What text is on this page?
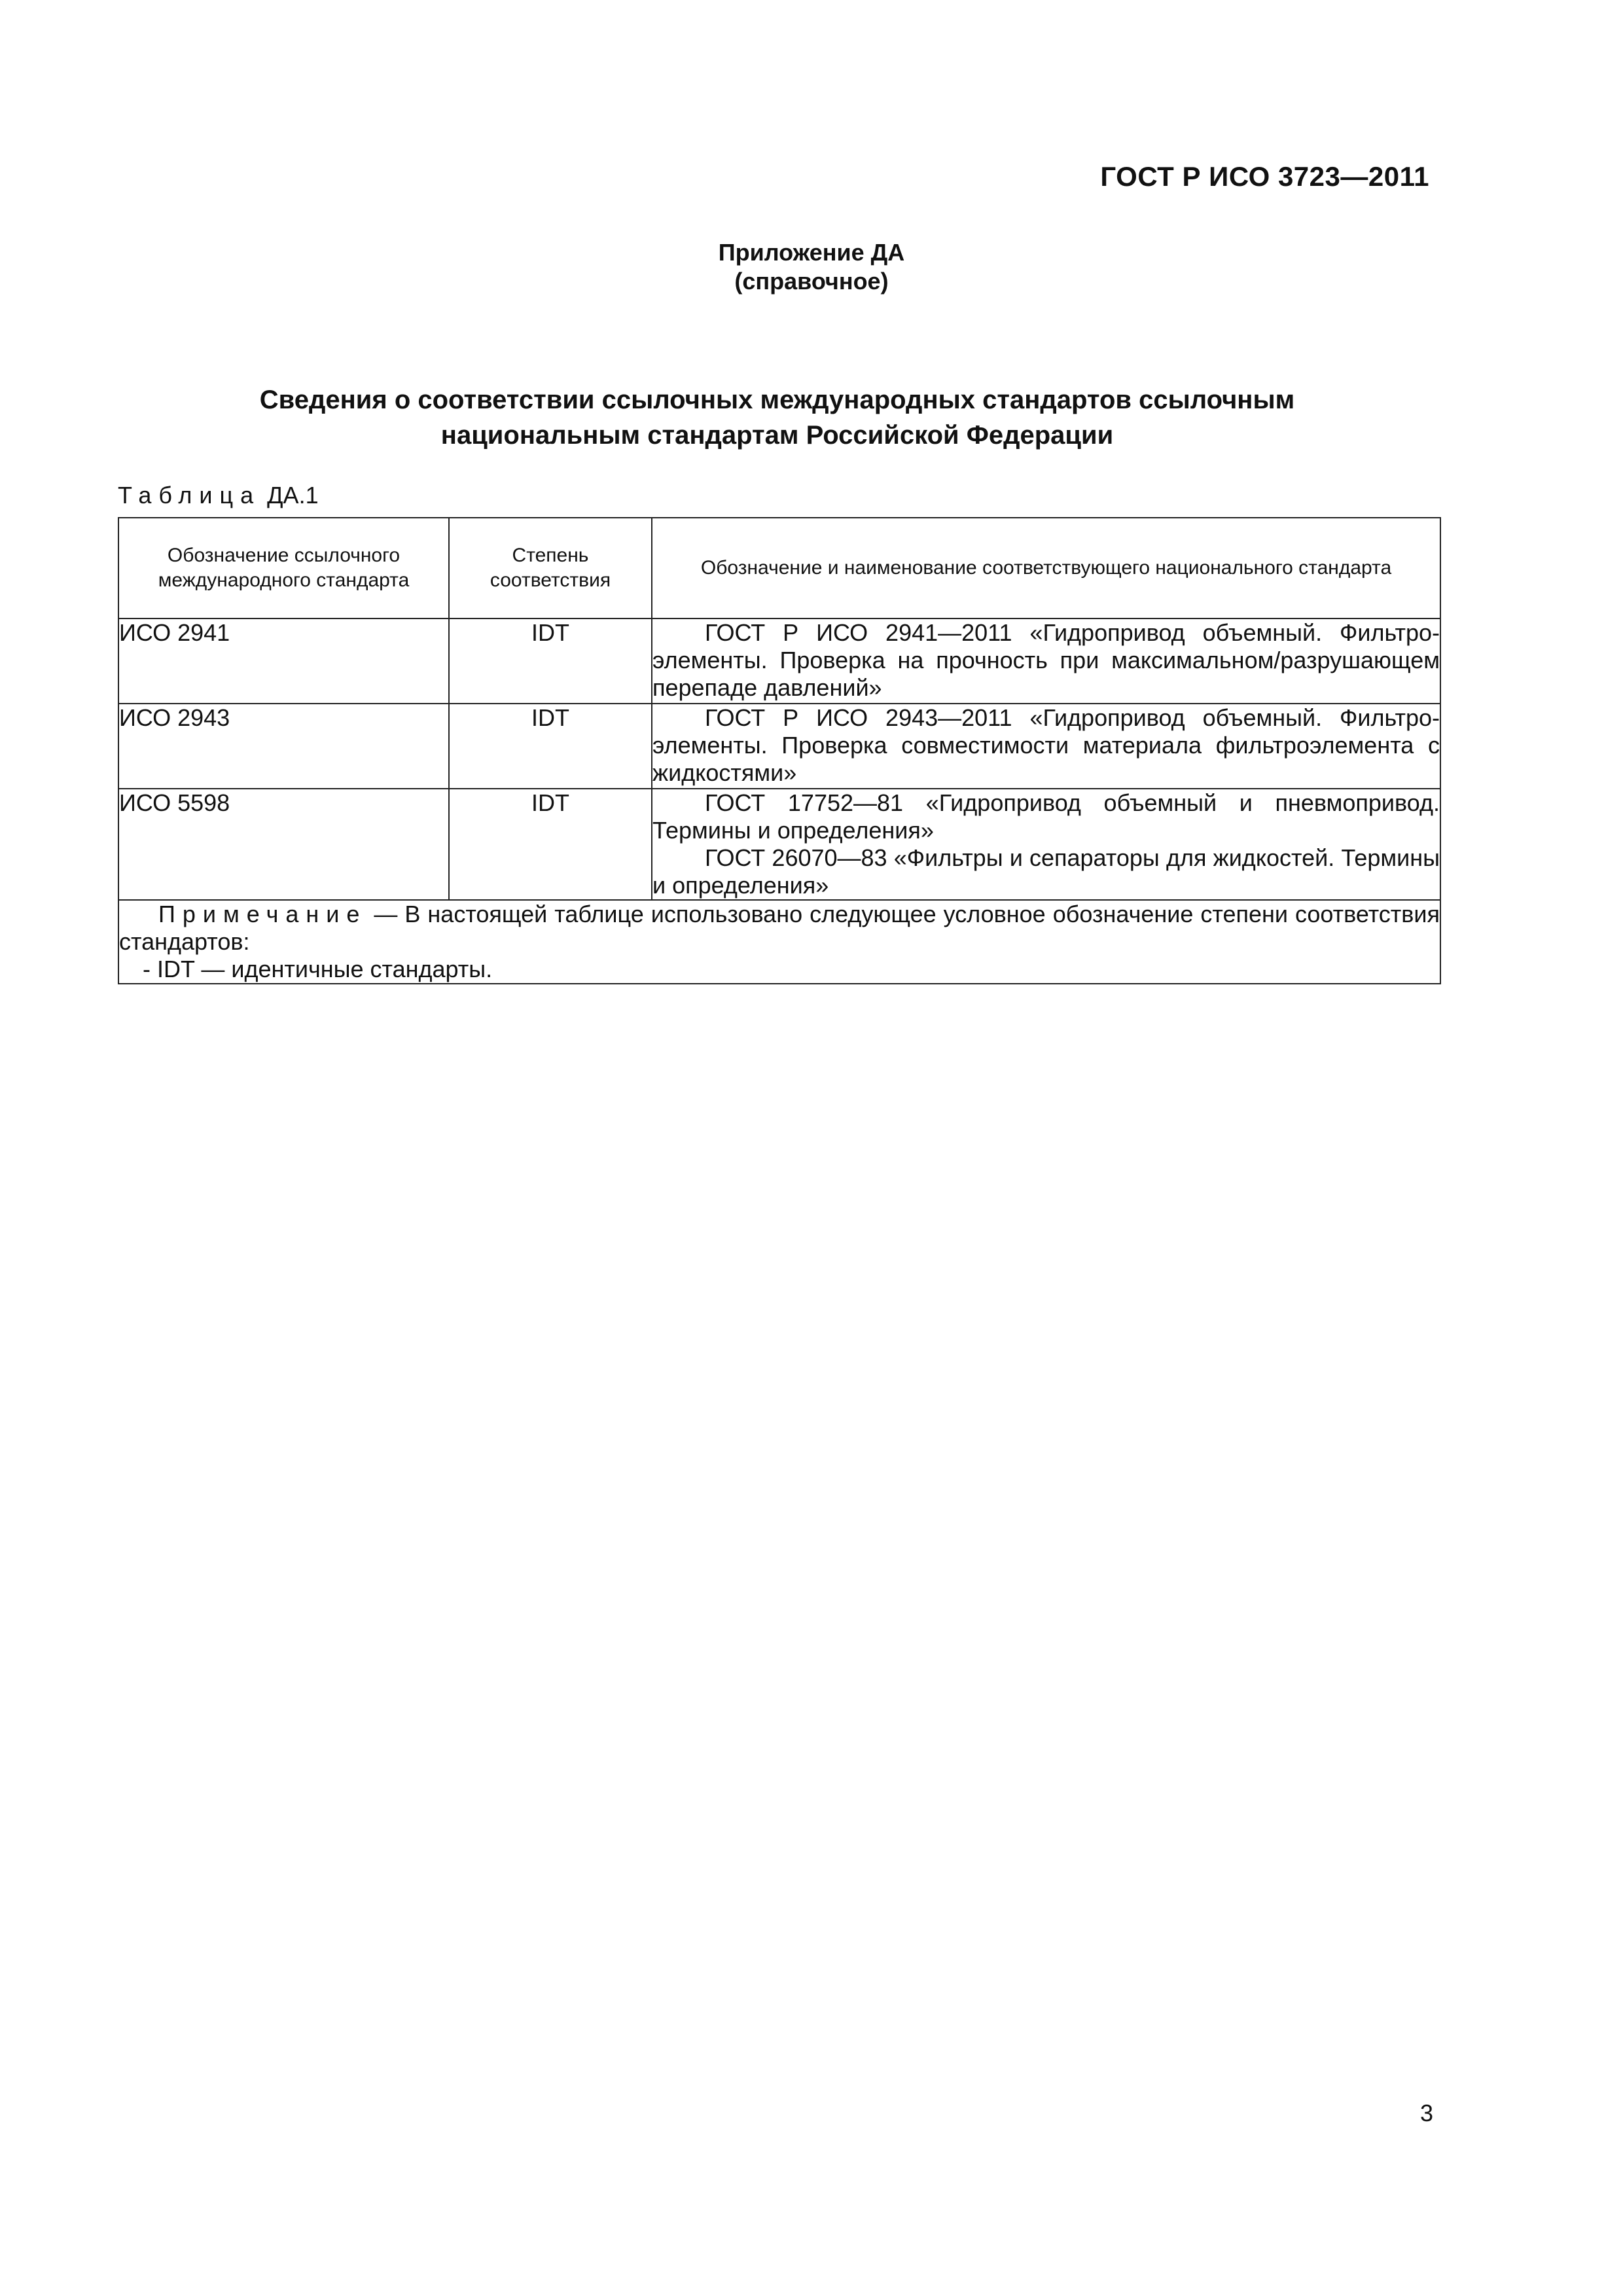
ГОСТ Р ИСО 3723—2011
Приложение ДА
(справочное)
Сведения о соответствии ссылочных международных стандартов ссылочным
национальным стандартам Российской Федерации
Таблица ДА.1
Обозначение ссылочного международного стандарта	Степень соответствия	Обозначение и наименование соответствующего национального стандарта
ИСО 2941	IDT	ГОСТ Р ИСО 2941—2011 «Гидропривод объемный. Фильтро-элементы. Проверка на прочность при максимальном/разрушающем перепаде давлений»

ИСО 2943	IDT	ГОСТ Р ИСО 2943—2011 «Гидропривод объемный. Фильтро-элементы. Проверка совместимости материала фильтроэлемента с жидкостями»

ИСО 5598	IDT	ГОСТ 17752—81 «Гидропривод объемный и пневмопривод. Термины и определения»
ГОСТ 26070—83 «Фильтры и сепараторы для жидкостей. Термины и определения»

Примечание — В настоящей таблице использовано следующее условное обозначение степени соответствия стандартов:
- IDT — идентичные стандарты.		
3
